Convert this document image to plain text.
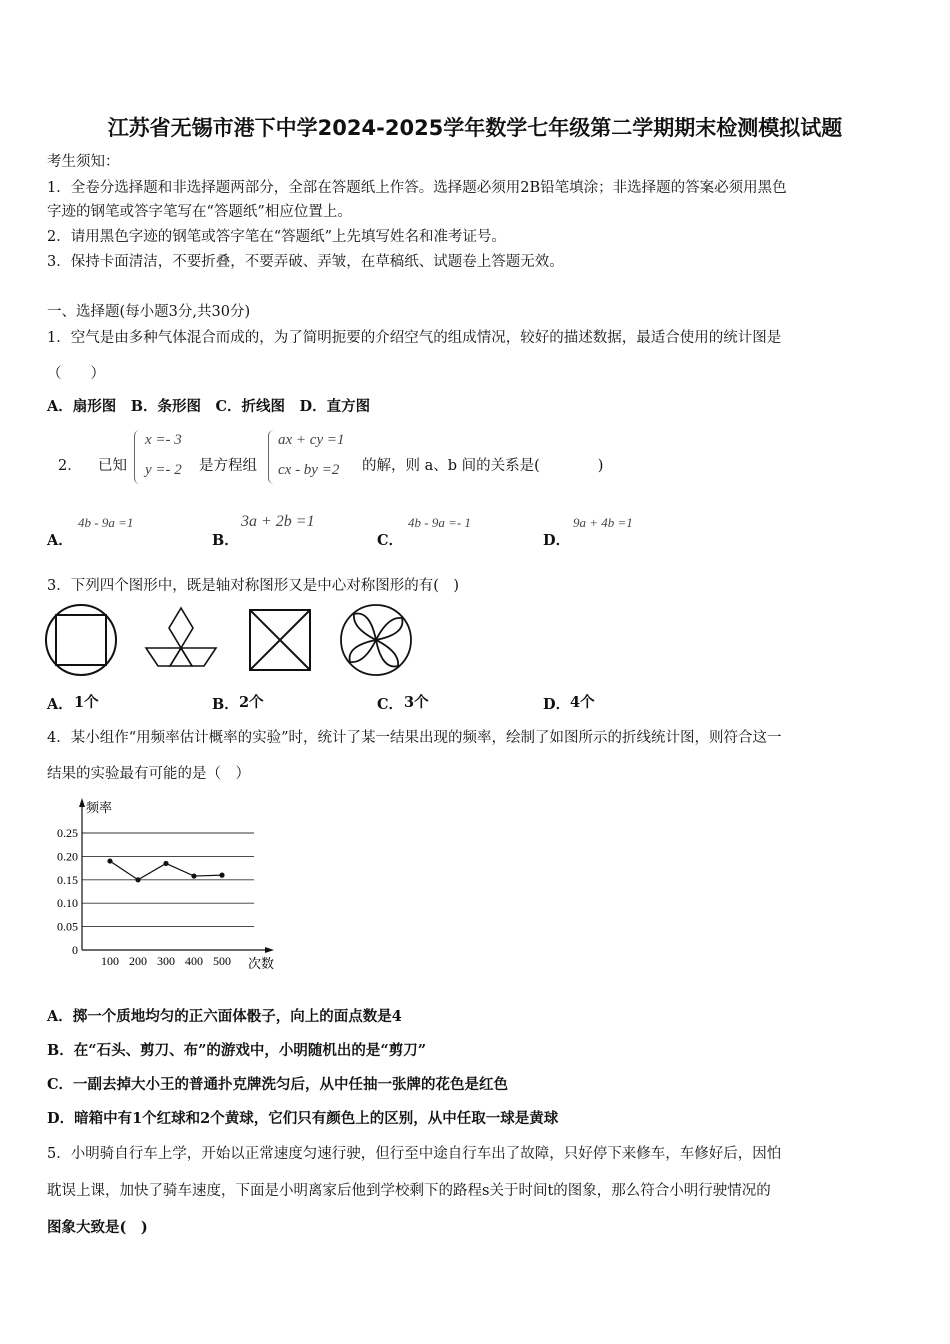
江苏省无锡市港下中学2024-2025学年数学七年级第二学期期末检测模拟试题
考生须知：
1．全卷分选择题和非选择题两部分，全部在答题纸上作答。选择题必须用2B铅笔填涂；非选择题的答案必须用黑色
字迹的钢笔或答字笔写在“答题纸”相应位置上。
2．请用黑色字迹的钢笔或答字笔在“答题纸”上先填写姓名和准考证号。
3．保持卡面清洁，不要折叠，不要弄破、弄皱，在草稿纸、试题卷上答题无效。
一、选择题(每小题3分,共30分)
1．空气是由多种气体混合而成的，为了简明扼要的介绍空气的组成情况，较好的描述数据，最适合使用的统计图是
（　　）
A．扇形图　B．条形图　C．折线图　D．直方图
2． 已知
x =- 3
y =- 2 是方程组
ax + cy =1
cx - by =2 的解，则 a、b 间的关系是(　　　　)
A．
4b - 9a =1
B．
3a + 2b =1
C．
4b - 9a =- 1
D．
9a + 4b =1
3．下列四个图形中，既是轴对称图形又是中心对称图形的有(　)
A． 1个	B． 2个	C． 3个	D． 4个
4．某小组作“用频率估计概率的实验”时，统计了某一结果出现的频率，绘制了如图所示的折线统计图，则符合这一
结果的实验最有可能的是（　）
频率
次数
0
0.05
0.10
0.15
0.20
0.25
100 200 300 400 500
A．掷一个质地均匀的正六面体骰子，向上的面点数是4
B．在“石头、剪刀、布”的游戏中，小明随机出的是“剪刀”
C．一副去掉大小王的普通扑克牌洗匀后，从中任抽一张牌的花色是红色
D．暗箱中有1个红球和2个黄球，它们只有颜色上的区别，从中任取一球是黄球
5．小明骑自行车上学，开始以正常速度匀速行驶，但行至中途自行车出了故障，只好停下来修车，车修好后，因怕
耽误上课，加快了骑车速度，下面是小明离家后他到学校剩下的路程s关于时间t的图象，那么符合小明行驶情况的
图象大致是(　)
